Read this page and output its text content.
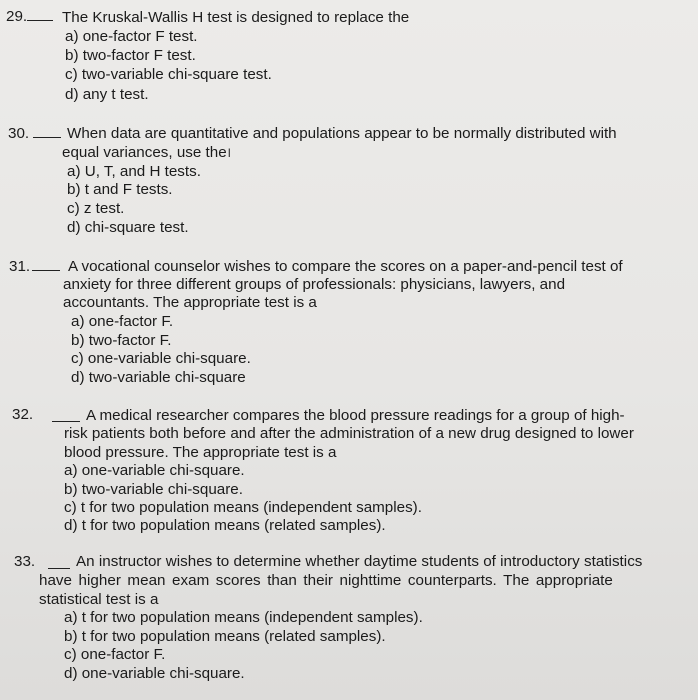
29.	The Kruskal-Wallis H test is designed to replace the
a) one-factor F test.
b) two-factor F test.
c) two-variable chi-square test.
d) any t test.
30.	When data are quantitative and populations appear to be normally distributed with
equal variances, use the$^I$
a) U, T, and H tests.
b) t and F tests.
c) z test.
d) chi-square test.
31.	A vocational counselor wishes to compare the scores on a paper-and-pencil test of
anxiety for three different groups of professionals: physicians, lawyers, and
accountants. The appropriate test is a
a) one-factor F.
b) two-factor F.
c) one-variable chi-square.
d) two-variable chi-square
32.	A medical researcher compares the blood pressure readings for a group of high-
risk patients both before and after the administration of a new drug designed to lower
blood pressure. The appropriate test is a
a) one-variable chi-square.
b) two-variable chi-square.
c) t for two population means (independent samples).
d) t for two population means (related samples).
33.	An instructor wishes to determine whether daytime students of introductory statistics
have higher mean exam scores than their nighttime counterparts. The appropriate
statistical test is a
a) t for two population means (independent samples).
b) t for two population means (related samples).
c) one-factor F.
d) one-variable chi-square.
